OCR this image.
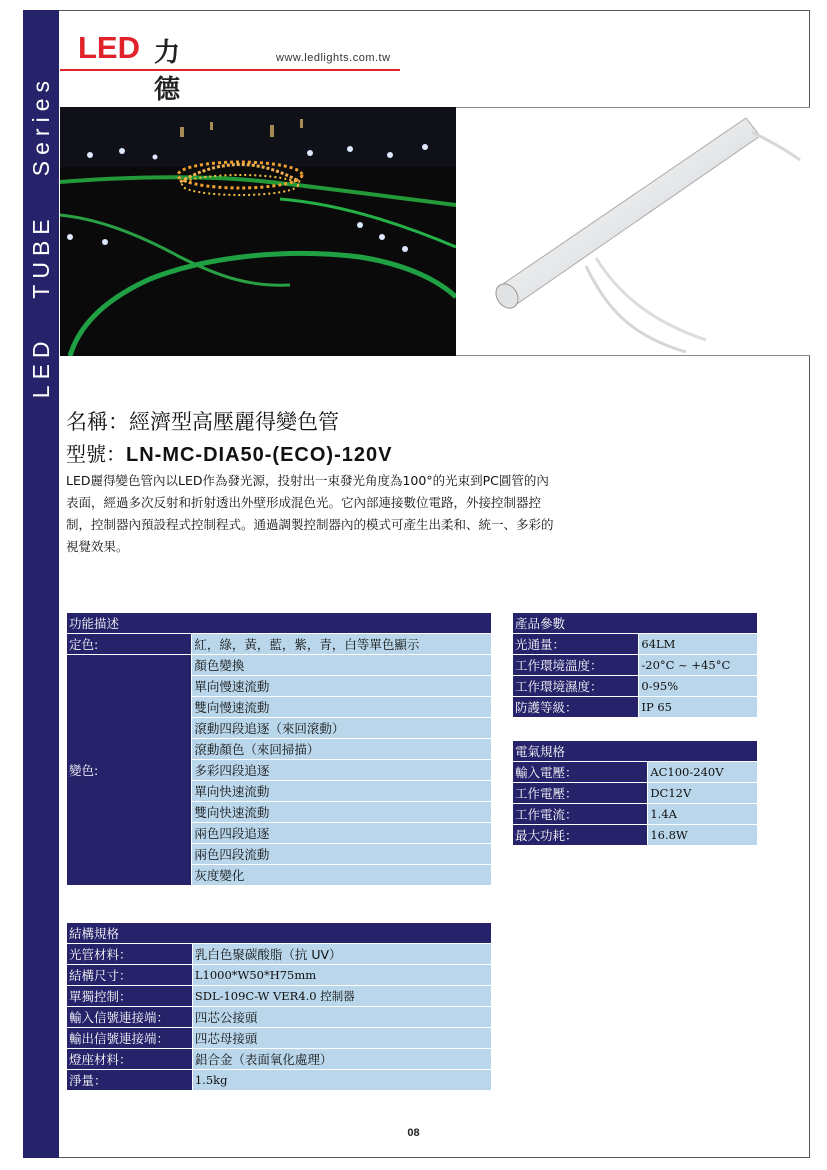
LED   TUBE   Series
LED 力德
www.ledlights.com.tw
名稱：經濟型高壓麗得變色管
型號：LN-MC-DIA50-(ECO)-120V
LED麗得變色管內以LED作為發光源，投射出一束發光角度為100°的光束到PC圓管的內表面，經過多次反射和折射透出外壁形成混色光。它內部連接數位電路，外接控制器控制，控制器內預設程式控制程式。通過調製控制器內的模式可產生出柔和、統一、多彩的視覺效果。
功能描述	
定色:	紅，綠，黃，藍，紫，青，白等單色顯示
變色:	顏色變換
	單向慢速流動
	雙向慢速流動
	滾動四段追逐（來回滾動）
	滾動顏色（來回掃描）
	多彩四段追逐
	單向快速流動
	雙向快速流動
	兩色四段追逐
	兩色四段流動
	灰度變化
產品參數	
光通量：	64LM
工作環境溫度：	-20°C ~ +45°C
工作環境濕度：	0-95%
防護等級：	IP 65
電氣規格	
輸入電壓：	AC100-240V
工作電壓：	DC12V
工作電流：	1.4A
最大功耗：	16.8W
結構規格	
光管材料：	乳白色聚碳酸脂（抗 UV）
結構尺寸：	L1000*W50*H75mm
單獨控制：	SDL-109C-W VER4.0 控制器
輸入信號連接端：	四芯公接頭
輸出信號連接端：	四芯母接頭
燈座材料：	鋁合金（表面氧化處理）
淨量：	1.5kg
08
